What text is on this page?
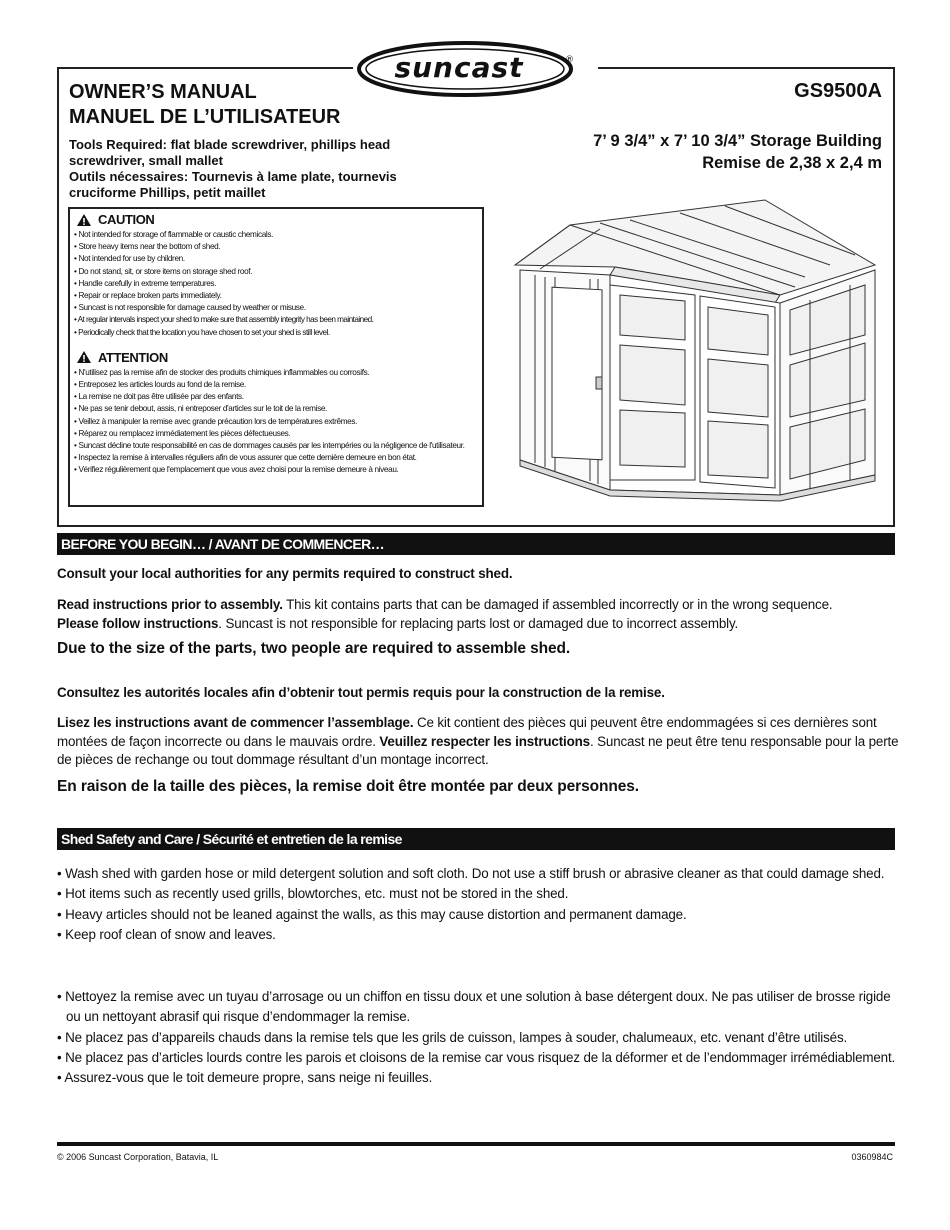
suncast	®
OWNER’S MANUAL
MANUEL DE L’UTILISATEUR
GS9500A
Tools Required: flat blade screwdriver, phillips head screwdriver, small mallet
Outils nécessaires: Tournevis à lame plate, tournevis cruciforme Phillips, petit maillet
7’ 9 3/4” x 7’ 10 3/4” Storage Building
Remise de 2,38 x 2,4 m
CAUTION
• Not intended for storage of flammable or caustic chemicals.
• Store heavy items near the bottom of shed.
• Not intended for use by children.
• Do not stand, sit, or store items on storage shed roof.
• Handle carefully in extreme temperatures.
• Repair or replace broken parts immediately.
• Suncast is not responsible for damage caused by weather or misuse.
• At regular intervals inspect your shed to make sure that assembly integrity has been maintained.
• Periodically check that the location you have chosen to set your shed is still level.
ATTENTION
• N'utilisez pas la remise afin de stocker des produits chimiques inflammables ou corrosifs.
• Entreposez les articles lourds au fond de la remise.
• La remise ne doit pas être utilisée par des enfants.
• Ne pas se tenir debout, assis, ni entreposer d'articles sur le toit de la remise.
• Veillez à manipuler la remise avec grande précaution lors de températures extrêmes.
• Réparez ou remplacez immédiatement les pièces défectueuses.
• Suncast décline toute responsabilité en cas de dommages causés par les intempéries ou la négligence de l'utilisateur.
• Inspectez la remise à intervalles réguliers afin de vous assurer que cette dernière demeure en bon état.
• Vérifiez régulièrement que l'emplacement que vous avez choisi pour la remise demeure à niveau.
BEFORE YOU BEGIN… / AVANT DE COMMENCER…
Consult your local authorities for any permits required to construct shed.
Read instructions prior to assembly. This kit contains parts that can be damaged if assembled incorrectly or in the wrong sequence.
Please follow instructions. Suncast is not responsible for replacing parts lost or damaged due to incorrect assembly.
Due to the size of the parts, two people are required to assemble shed.
Consultez les autorités locales afin d’obtenir tout permis requis pour la construction de la remise.
Lisez les instructions avant de commencer l’assemblage. Ce kit contient des pièces qui peuvent être endommagées si ces dernières sont montées de façon incorrecte ou dans le mauvais ordre. Veuillez respecter les instructions. Suncast ne peut être tenu responsable pour la perte de pièces de rechange ou tout dommage résultant d’un montage incorrect.
En raison de la taille des pièces, la remise doit être montée par deux personnes.
Shed Safety and Care / Sécurité et entretien de la remise
• Wash shed with garden hose or mild detergent solution and soft cloth. Do not use a stiff brush or abrasive cleaner as that could damage shed.
• Hot items such as recently used grills, blowtorches, etc. must not be stored in the shed.
• Heavy articles should not be leaned against the walls, as this may cause distortion and permanent damage.
• Keep roof clean of snow and leaves.
• Nettoyez la remise avec un tuyau d’arrosage ou un chiffon en tissu doux et une solution à base détergent doux. Ne pas utiliser de brosse rigide ou un nettoyant abrasif qui risque d’endommager la remise.
• Ne placez pas d’appareils chauds dans la remise tels que les grils de cuisson, lampes à souder, chalumeaux, etc. venant d’être utilisés.
• Ne placez pas d’articles lourds contre les parois et cloisons de la remise car vous risquez de la déformer et de l’endommager irrémédiablement.
• Assurez-vous que le toit demeure propre, sans neige ni feuilles.
© 2006 Suncast Corporation, Batavia, IL	0360984C
